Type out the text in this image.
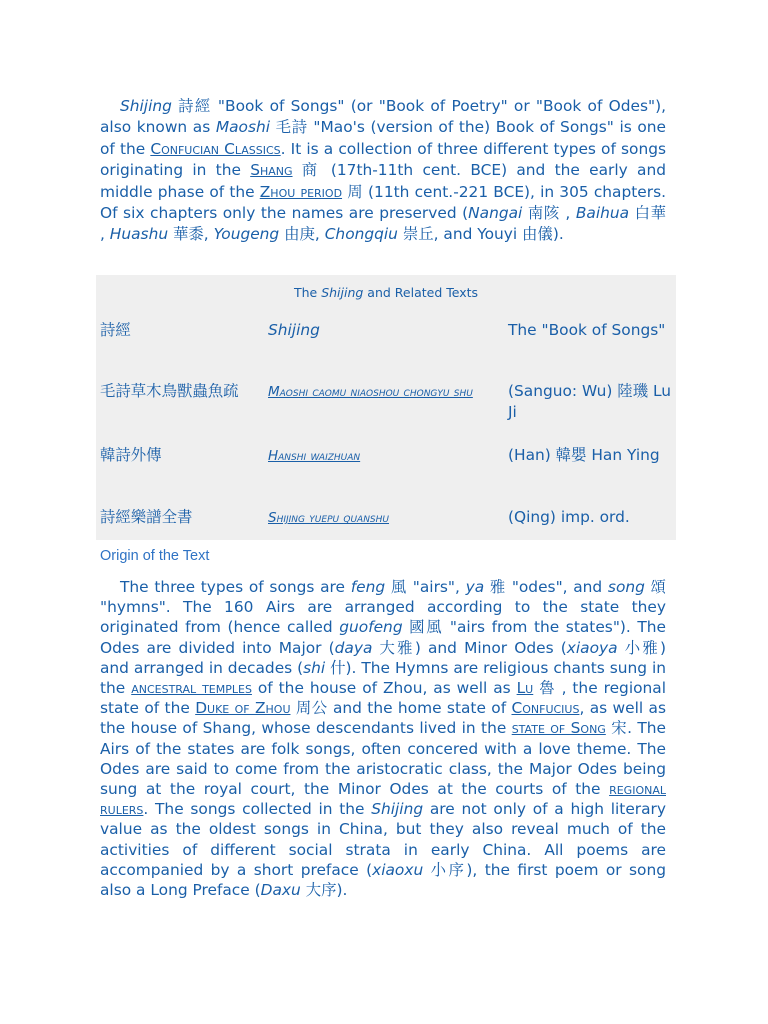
Shijing 詩經 "Book of Songs" (or "Book of Poetry" or "Book of Odes"), also known as Maoshi 毛詩 "Mao's (version of the) Book of Songs" is one of the Confucian Classics. It is a collection of three different types of songs originating in the Shang 商 (17th-11th cent. BCE) and the early and middle phase of the Zhou period 周 (11th cent.-221 BCE), in 305 chapters. Of six chapters only the names are preserved (Nangai 南陔 , Baihua 白華 , Huashu 華黍, Yougeng 由庚, Chongqiu 崇丘, and Youyi 由儀).

The Shijing and Related Texts
詩經	Shijing	The "Book of Songs"
毛詩草木鳥獸蟲魚疏	Maoshi caomu niaoshou chongyu shu	(Sanguo: Wu) 陸璣 Lu Ji
韓詩外傳	Hanshi waizhuan	(Han) 韓嬰 Han Ying
詩經樂譜全書	Shijing yuepu quanshu	(Qing) imp. ord.
Origin of the Text

The three types of songs are feng 風 "airs", ya 雅 "odes", and song 頌 "hymns". The 160 Airs are arranged according to the state they originated from (hence called guofeng 國風 "airs from the states"). The Odes are divided into Major (daya 大雅) and Minor Odes (xiaoya 小雅) and arranged in decades (shi 什). The Hymns are religious chants sung in the ancestral temples of the house of Zhou, as well as Lu 魯 , the regional state of the Duke of Zhou 周公 and the home state of Confucius, as well as the house of Shang, whose descendants lived in the state of Song 宋. The Airs of the states are folk songs, often concered with a love theme. The Odes are said to come from the aristocratic class, the Major Odes being sung at the royal court, the Minor Odes at the courts of the regional rulers. The songs collected in the Shijing are not only of a high literary value as the oldest songs in China, but they also reveal much of the activities of different social strata in early China. All poems are accompanied by a short preface (xiaoxu 小序), the first poem or song also a Long Preface (Daxu 大序).
